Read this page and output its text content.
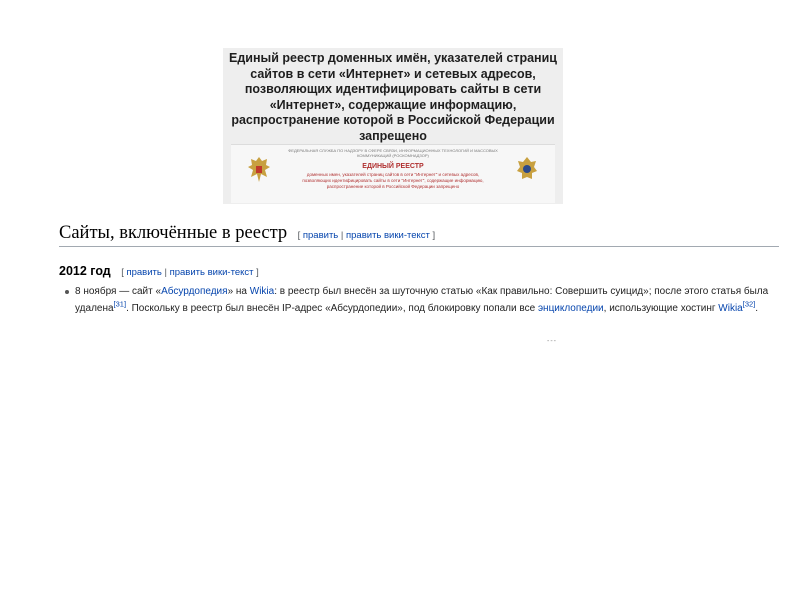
Единый реестр доменных имён, указателей страниц сайтов в сети «Интернет» и сетевых адресов, позволяющих идентифицировать сайты в сети «Интернет», содержащие информацию, распространение которой в Российской Федерации запрещено
ФЕДЕРАЛЬНАЯ СЛУЖБА ПО НАДЗОРУ В СФЕРЕ СВЯЗИ, ИНФОРМАЦИОННЫХ ТЕХНОЛОГИЙ И МАССОВЫХ КОММУНИКАЦИЙ (РОСКОМНАДЗОР)
ЕДИНЫЙ РЕЕСТР
доменных имен, указателей страниц сайтов в сети "Интернет" и сетевых адресов, позволяющих идентифицировать сайты в сети "Интернет", содержащие информацию, распространение которой в Российской Федерации запрещено
Сайты, включённые в реестр [ править | править вики-текст ]
2012 год [ править | править вики-текст ]
8 ноября — сайт «Абсурдопедия» на Wikia: в реестр был внесён за шуточную статью «Как правильно: Совершить суицид»; после этого статья была удалена[31]. Поскольку в реестр был внесён IP-адрес «Абсурдопедии», под блокировку попали все энциклопедии, использующие хостинг Wikia[32].
---
